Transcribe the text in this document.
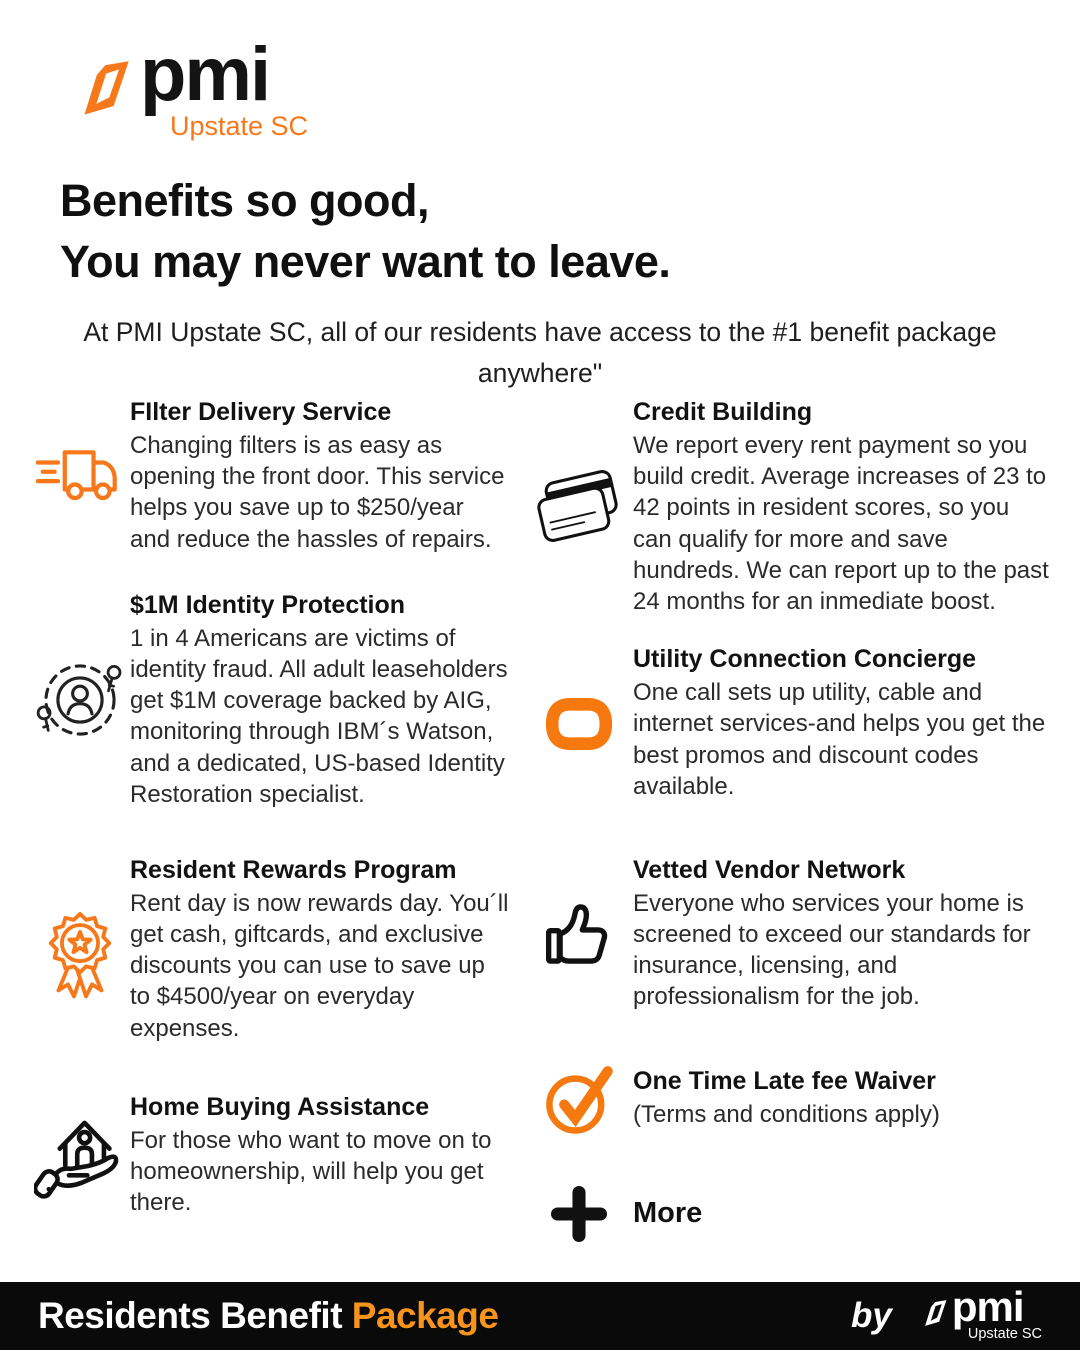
pmi
Upstate SC
Benefits so good,
You may never want to leave.
At PMI Upstate SC, all of our residents have access to the #1 benefit package anywhere"
FIlter Delivery Service
Changing filters is as easy as opening the front door. This service helps you save up to $250/year and reduce the hassles of repairs.
$1M Identity Protection
1 in 4 Americans are victims of identity fraud. All adult leaseholders get $1M coverage backed by AIG, monitoring through IBM´s Watson, and a dedicated, US-based Identity Restoration specialist.
Resident Rewards Program
Rent day is now rewards day. You´ll get cash, giftcards, and exclusive discounts you can use to save up to $4500/year on everyday expenses.
Home Buying Assistance
For those who want to move on to homeownership, will help you get there.
Credit Building
We report every rent payment so you build credit. Average increases of 23 to 42 points in resident scores, so you can qualify for more and save hundreds. We can report up to the past 24 months for an inmediate boost.
Utility Connection Concierge
One call sets up utility, cable and internet services-and helps you get the best promos and discount codes available.
Vetted Vendor Network
Everyone who services your home is screened to exceed our standards for insurance, licensing, and professionalism for the job.
One Time Late fee Waiver
(Terms and conditions apply)
More
Residents Benefit Package	by pmi
Upstate SC
